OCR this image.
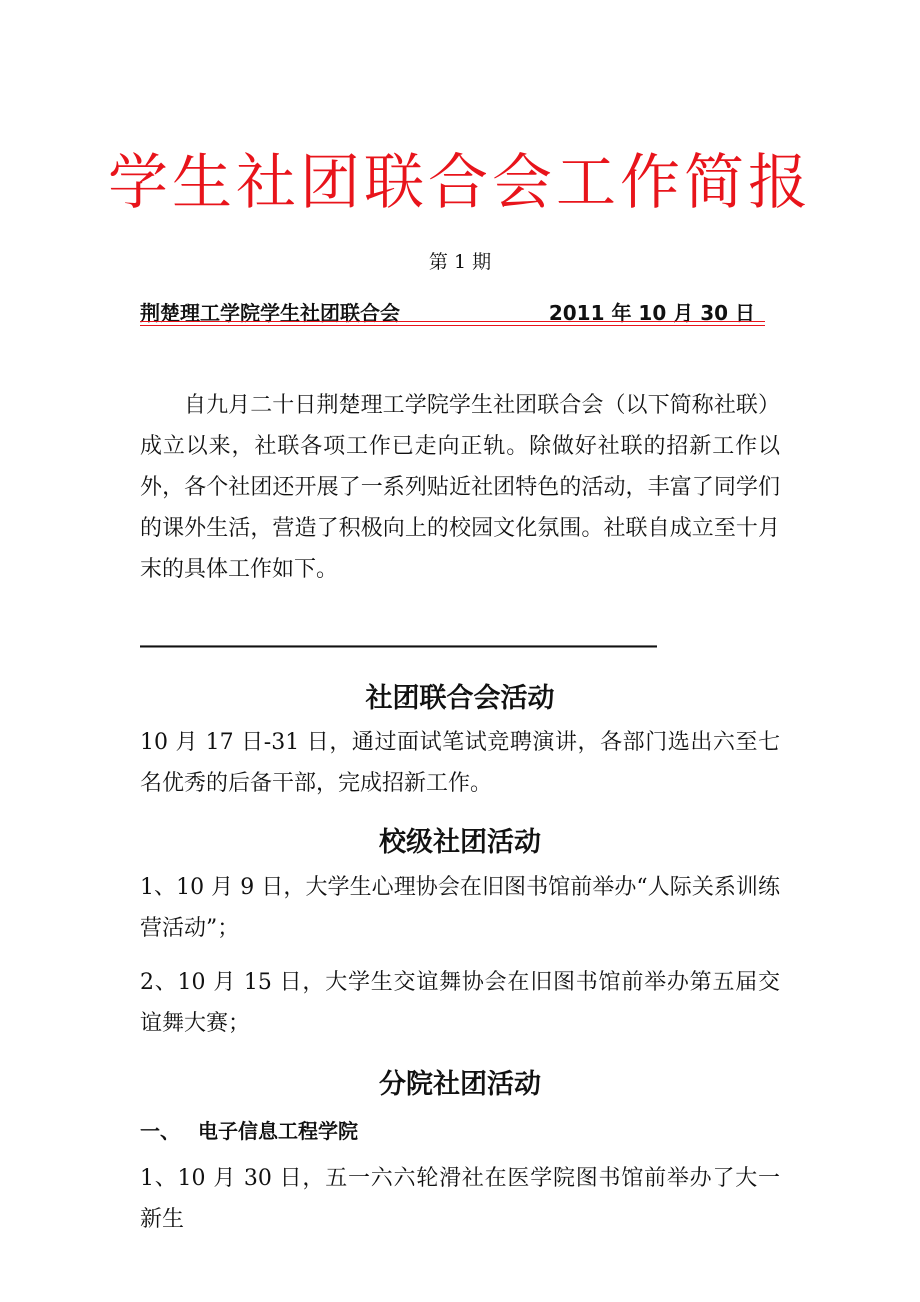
学生社团联合会工作简报
第 1 期
荆楚理工学院学生社团联合会	2011 年 10 月 30 日
自九月二十日荆楚理工学院学生社团联合会（以下简称社联）成立以来，社联各项工作已走向正轨。除做好社联的招新工作以外，各个社团还开展了一系列贴近社团特色的活动，丰富了同学们的课外生活，营造了积极向上的校园文化氛围。社联自成立至十月末的具体工作如下。
_______________________________________________
社团联合会活动
10 月 17 日-31 日，通过面试笔试竞聘演讲，各部门选出六至七名优秀的后备干部，完成招新工作。
校级社团活动
1、10 月 9 日，大学生心理协会在旧图书馆前举办“人际关系训练营活动”；
2、10 月 15 日，大学生交谊舞协会在旧图书馆前举办第五届交谊舞大赛；
分院社团活动
一、 电子信息工程学院
1、10 月 30 日，五一六六轮滑社在医学院图书馆前举办了大一新生
